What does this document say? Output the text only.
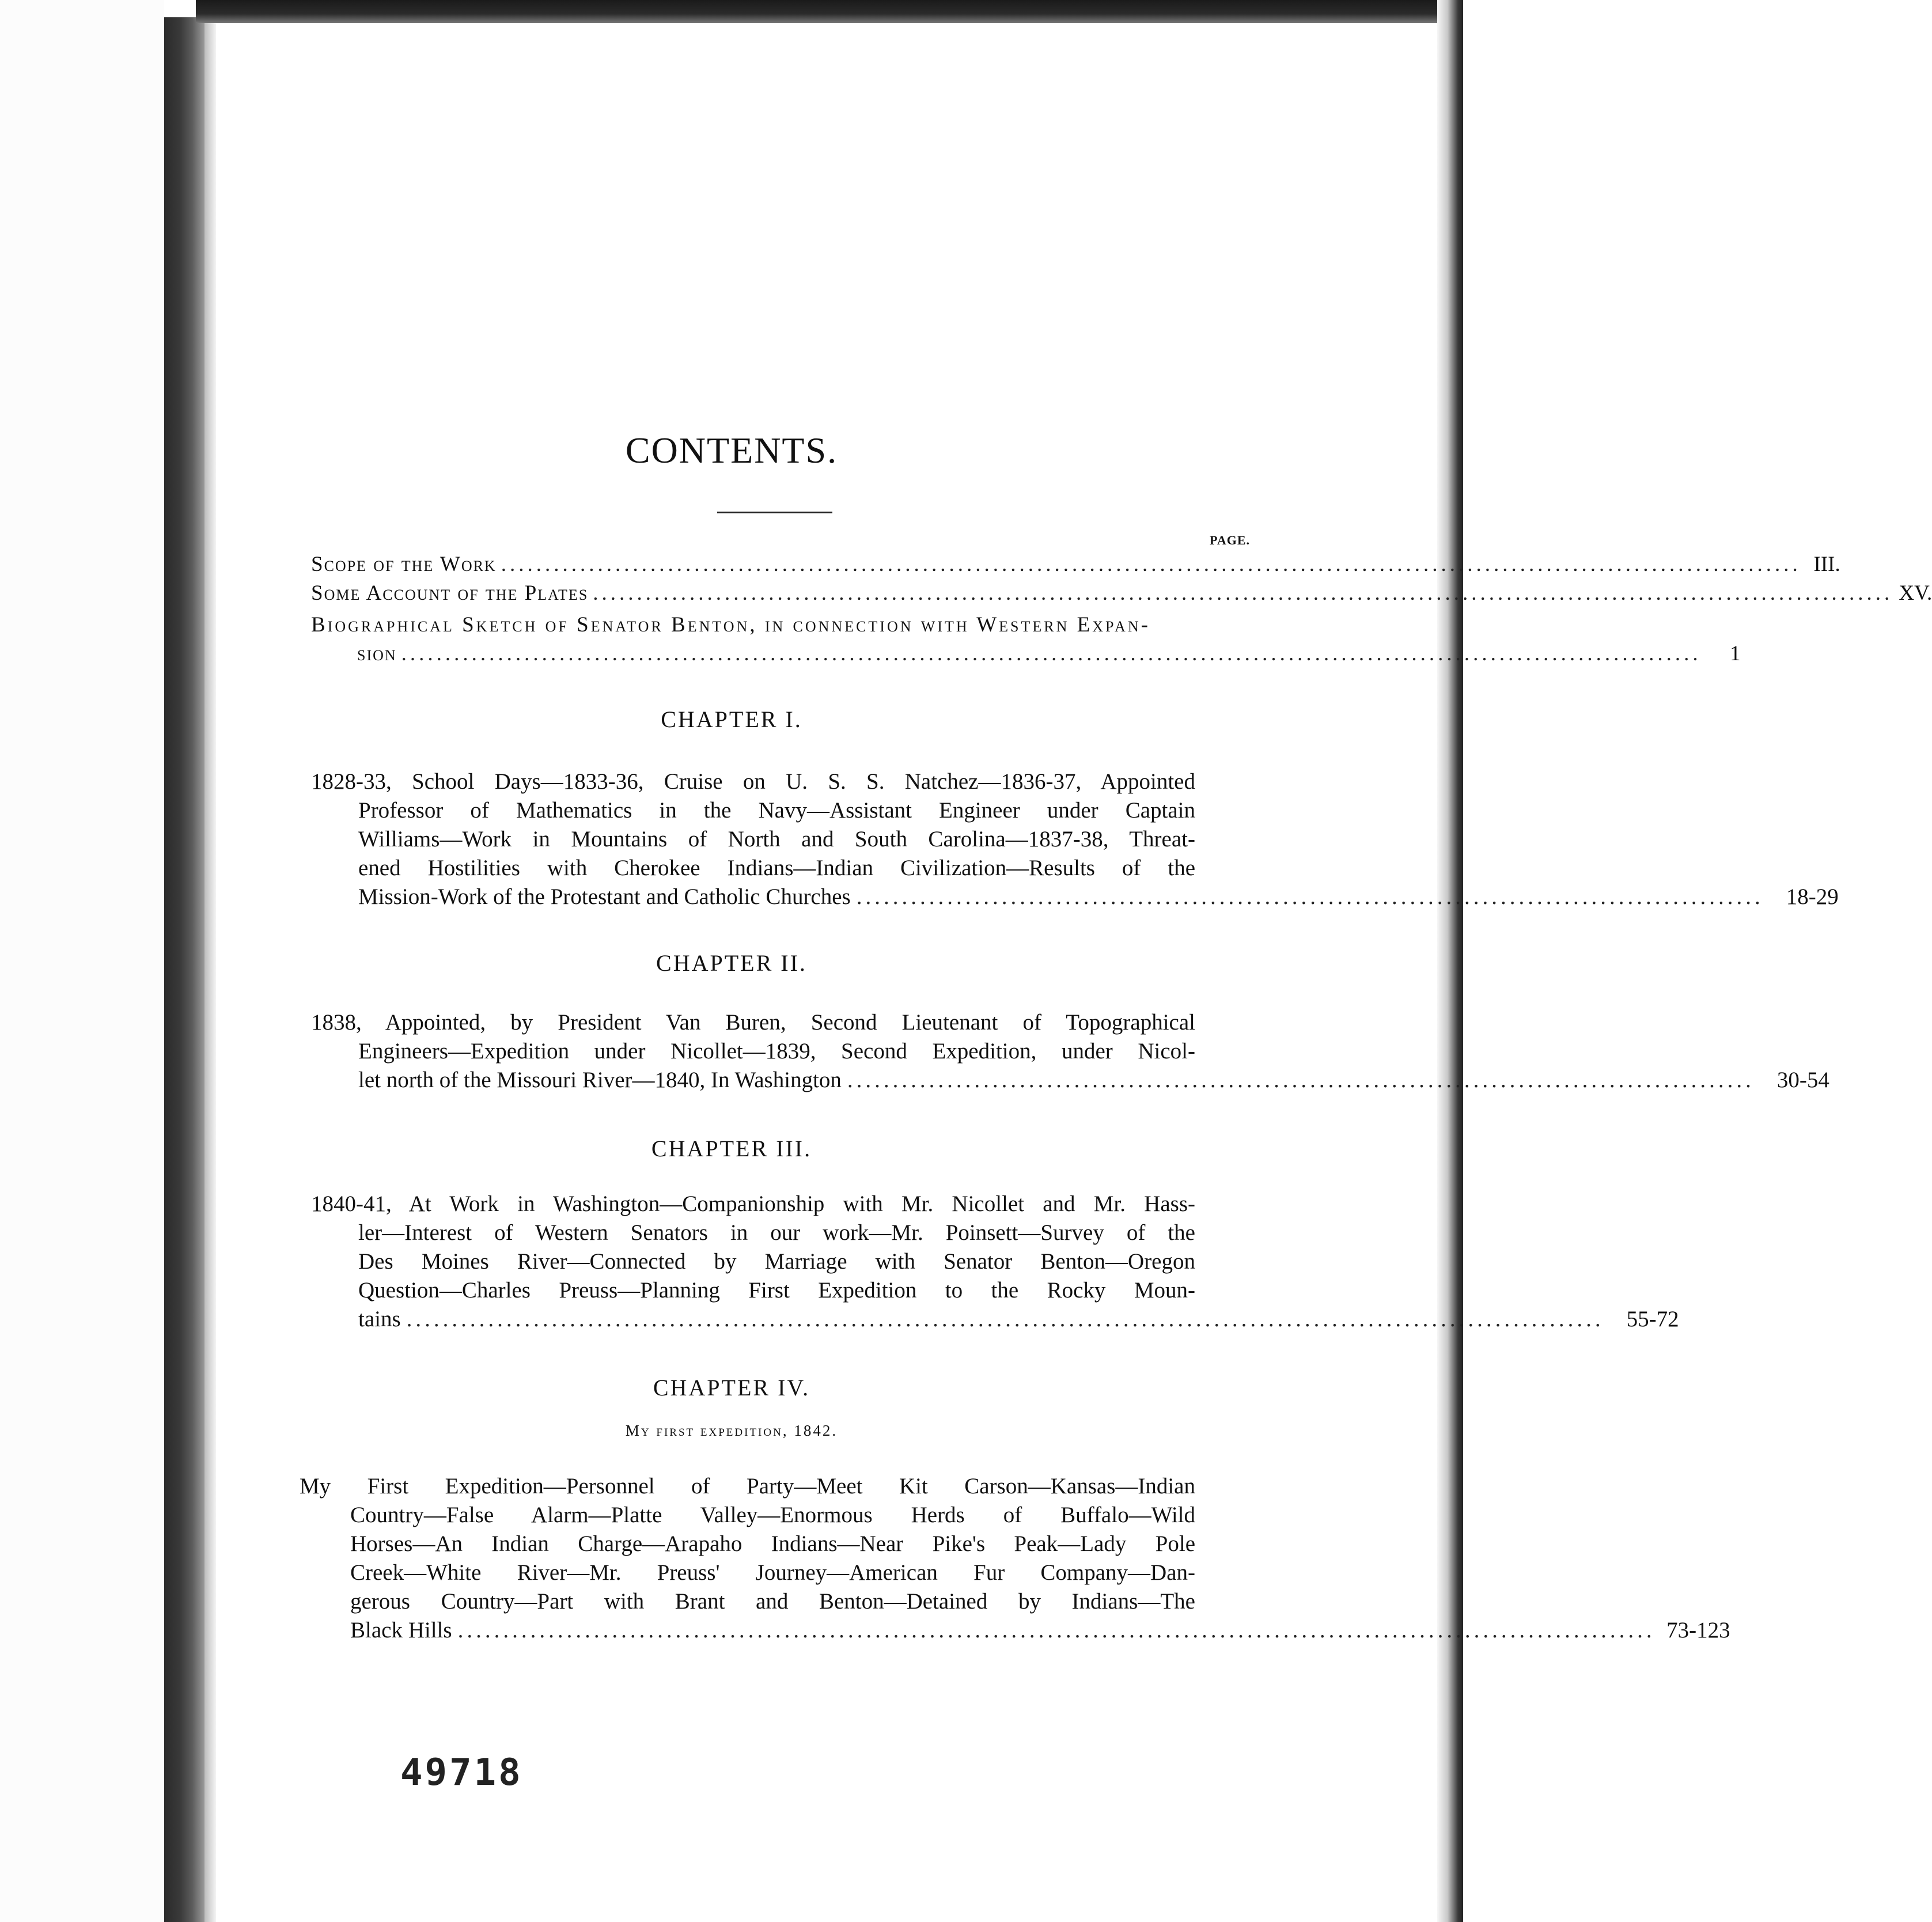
CONTENTS.
PAGE.
Scope of the Work .................................................................................................................................................... III.
Some Account of the Plates .................................................................................................................................................... XV.
Biographical Sketch of Senator Benton, in connection with Western Expan-
sion ....................................................................................................................................................	1
CHAPTER I.
1828-33, School Days—1833-36, Cruise on U. S. S. Natchez—1836-37, Appointed
Professor of Mathematics in the Navy—Assistant Engineer under Captain
Williams—Work in Mountains of North and South Carolina—1837-38, Threat-
ened Hostilities with Cherokee Indians—Indian Civilization—Results of the
Mission-Work of the Protestant and Catholic Churches ....................................................................................................	18-29
CHAPTER II.
1838, Appointed, by President Van Buren, Second Lieutenant of Topographical
Engineers—Expedition under Nicollet—1839, Second Expedition, under Nicol-
let north of the Missouri River—1840, In Washington ....................................................................................................	30-54
CHAPTER III.
1840-41, At Work in Washington—Companionship with Mr. Nicollet and Mr. Hass-
ler—Interest of Western Senators in our work—Mr. Poinsett—Survey of the
Des Moines River—Connected by Marriage with Senator Benton—Oregon
Question—Charles Preuss—Planning First Expedition to the Rocky Moun-
tains ....................................................................................................................................	55-72
CHAPTER IV.
My first expedition, 1842.
My First Expedition—Personnel of Party—Meet Kit Carson—Kansas—Indian
Country—False Alarm—Platte Valley—Enormous Herds of Buffalo—Wild
Horses—An Indian Charge—Arapaho Indians—Near Pike's Peak—Lady Pole
Creek—White River—Mr. Preuss' Journey—American Fur Company—Dan-
gerous Country—Part with Brant and Benton—Detained by Indians—The
Black Hills .................................................................................................................................... 73-123
49718
